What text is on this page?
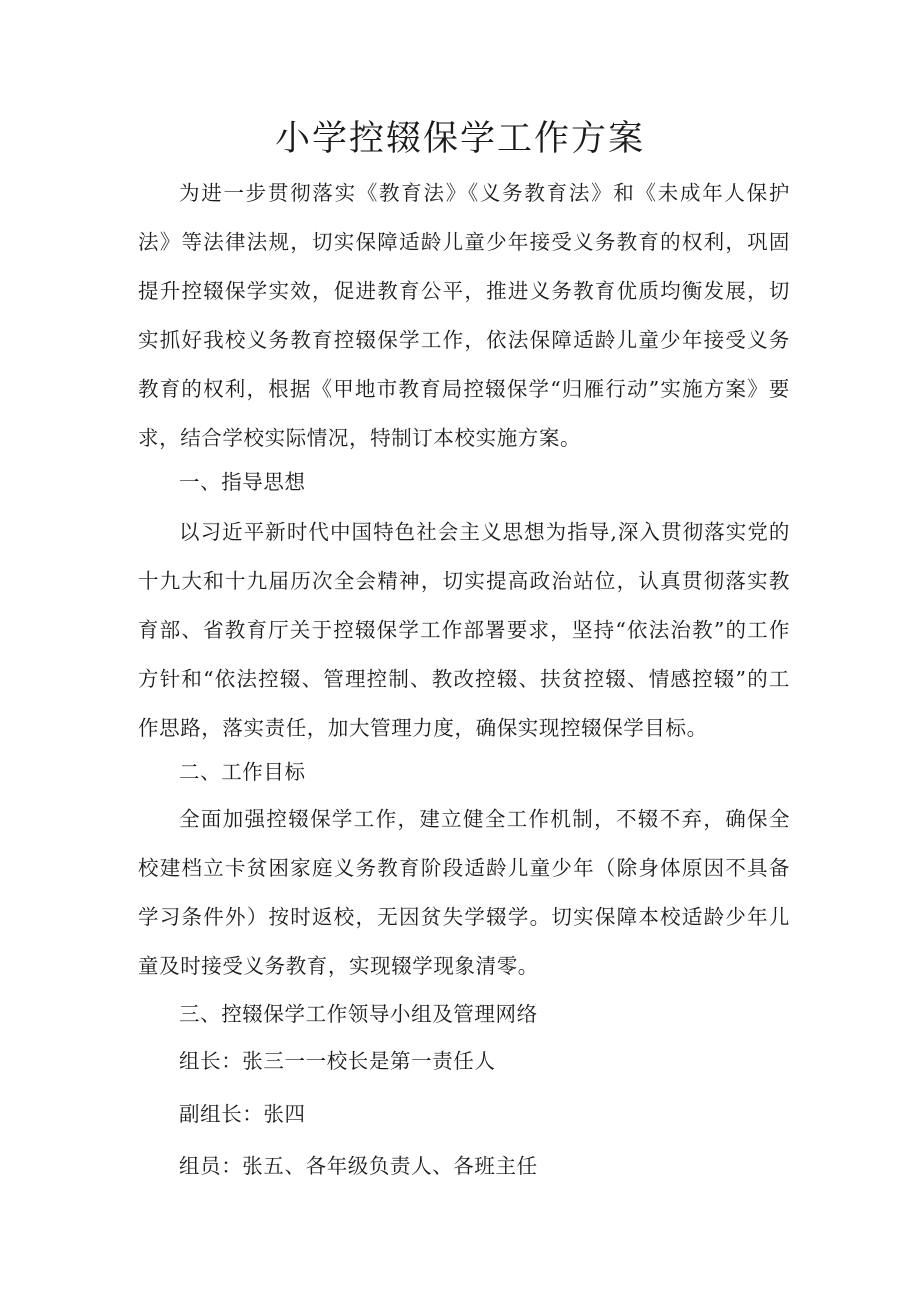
小学控辍保学工作方案

为进一步贯彻落实《教育法》《义务教育法》和《未成年人保护法》等法律法规，切实保障适龄儿童少年接受义务教育的权利，巩固提升控辍保学实效，促进教育公平，推进义务教育优质均衡发展，切实抓好我校义务教育控辍保学工作，依法保障适龄儿童少年接受义务教育的权利，根据《甲地市教育局控辍保学“归雁行动”实施方案》要求，结合学校实际情况，特制订本校实施方案。

一、指导思想

以习近平新时代中国特色社会主义思想为指导,深入贯彻落实党的十九大和十九届历次全会精神，切实提高政治站位，认真贯彻落实教育部、省教育厅关于控辍保学工作部署要求，坚持“依法治教”的工作方针和“依法控辍、管理控制、教改控辍、扶贫控辍、情感控辍”的工作思路，落实责任，加大管理力度，确保实现控辍保学目标。

二、工作目标

全面加强控辍保学工作，建立健全工作机制，不辍不弃，确保全校建档立卡贫困家庭义务教育阶段适龄儿童少年（除身体原因不具备学习条件外）按时返校，无因贫失学辍学。切实保障本校适龄少年儿童及时接受义务教育，实现辍学现象清零。

三、控辍保学工作领导小组及管理网络

组长：张三一一校长是第一责任人

副组长：张四

组员：张五、各年级负责人、各班主任
